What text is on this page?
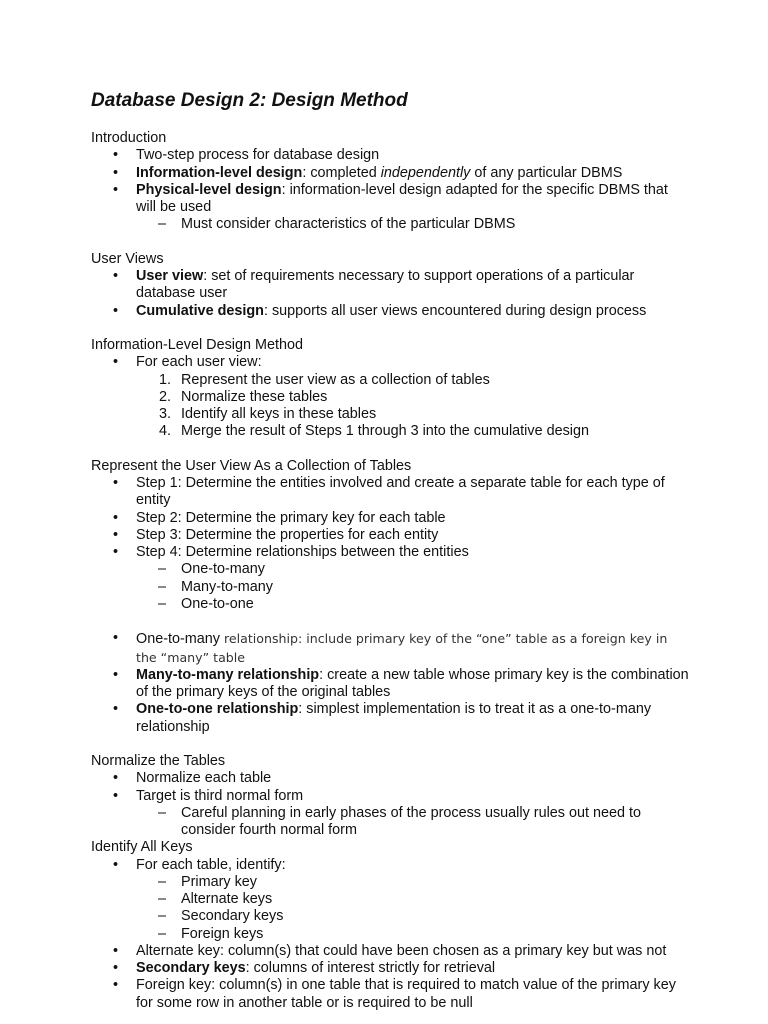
Database Design 2: Design Method
Introduction
• Two-step process for database design
• Information-level design: completed independently of any particular DBMS
• Physical-level design: information-level design adapted for the specific DBMS that will be used
– Must consider characteristics of the particular DBMS
User Views
• User view: set of requirements necessary to support operations of a particular database user
• Cumulative design: supports all user views encountered during design process
Information-Level Design Method
• For each user view:
1. Represent the user view as a collection of tables
2. Normalize these tables
3. Identify all keys in these tables
4. Merge the result of Steps 1 through 3 into the cumulative design
Represent the User View As a Collection of Tables
• Step 1: Determine the entities involved and create a separate table for each type of entity
• Step 2: Determine the primary key for each table
• Step 3: Determine the properties for each entity
• Step 4: Determine relationships between the entities
– One-to-many
– Many-to-many
– One-to-one
• One-to-many relationship: include primary key of the “one” table as a foreign key in the “many” table
• Many-to-many relationship: create a new table whose primary key is the combination of the primary keys of the original tables
• One-to-one relationship: simplest implementation is to treat it as a one-to-many relationship
Normalize the Tables
• Normalize each table
• Target is third normal form
– Careful planning in early phases of the process usually rules out need to consider fourth normal form
Identify All Keys
• For each table, identify:
– Primary key
– Alternate keys
– Secondary keys
– Foreign keys
• Alternate key: column(s) that could have been chosen as a primary key but was not
• Secondary keys: columns of interest strictly for retrieval
• Foreign key: column(s) in one table that is required to match value of the primary key for some row in another table or is required to be null
